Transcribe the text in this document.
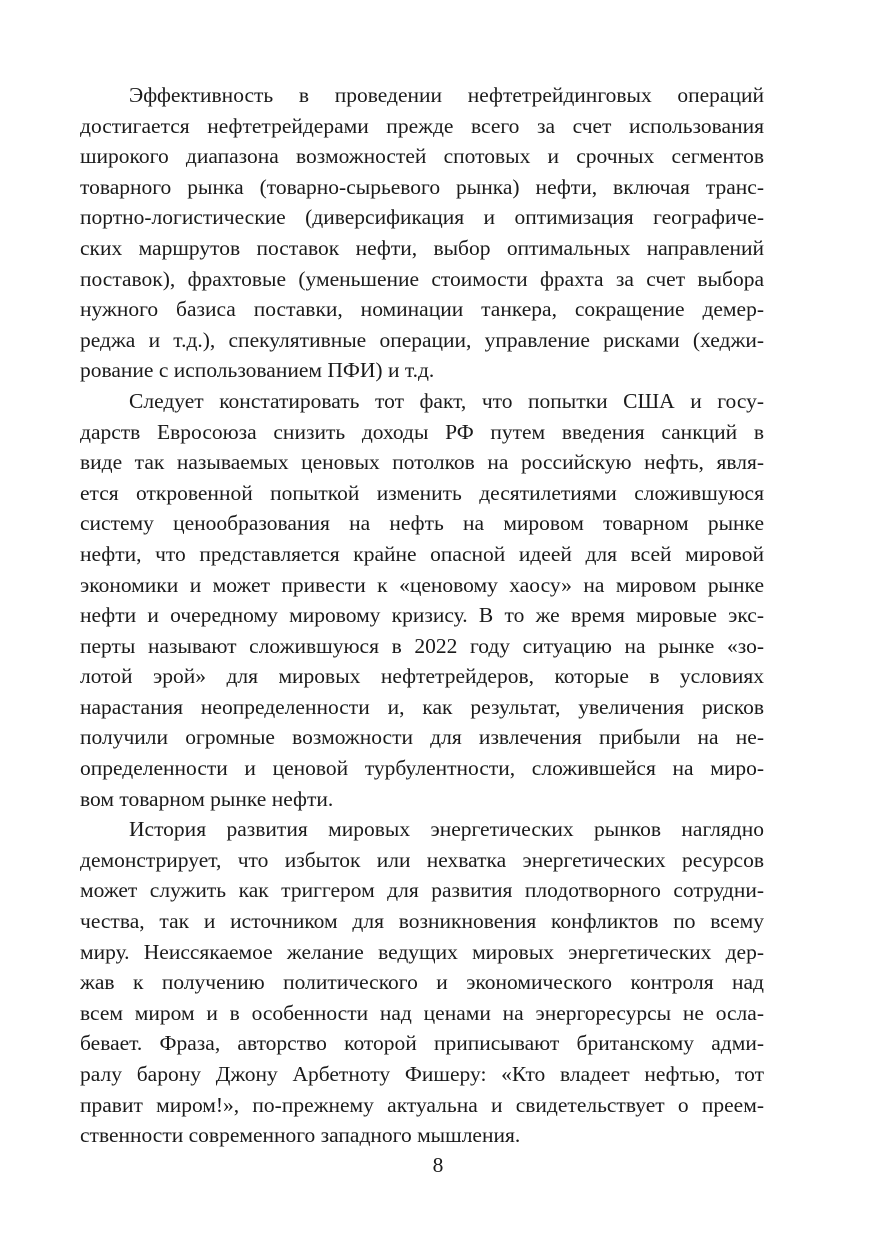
Эффективность в проведении нефтетрейдинговых операций
достигается нефтетрейдерами прежде всего за счет использования
широкого диапазона возможностей спотовых и срочных сегментов
товарного рынка (товарно-сырьевого рынка) нефти, включая транс-
портно-логистические (диверсификация и оптимизация географиче-
ских маршрутов поставок нефти, выбор оптимальных направлений
поставок), фрахтовые (уменьшение стоимости фрахта за счет выбора
нужного базиса поставки, номинации танкера, сокращение демер-
реджа и т.д.), спекулятивные операции, управление рисками (хеджи-
рование с использованием ПФИ) и т.д.
Следует констатировать тот факт, что попытки США и госу-
дарств Евросоюза снизить доходы РФ путем введения санкций в
виде так называемых ценовых потолков на российскую нефть, явля-
ется откровенной попыткой изменить десятилетиями сложившуюся
систему ценообразования на нефть на мировом товарном рынке
нефти, что представляется крайне опасной идеей для всей мировой
экономики и может привести к «ценовому хаосу» на мировом рынке
нефти и очередному мировому кризису. В то же время мировые экс-
перты называют сложившуюся в 2022 году ситуацию на рынке «зо-
лотой эрой» для мировых нефтетрейдеров, которые в условиях
нарастания неопределенности и, как результат, увеличения рисков
получили огромные возможности для извлечения прибыли на не-
определенности и ценовой турбулентности, сложившейся на миро-
вом товарном рынке нефти.
История развития мировых энергетических рынков наглядно
демонстрирует, что избыток или нехватка энергетических ресурсов
может служить как триггером для развития плодотворного сотрудни-
чества, так и источником для возникновения конфликтов по всему
миру. Неиссякаемое желание ведущих мировых энергетических дер-
жав к получению политического и экономического контроля над
всем миром и в особенности над ценами на энергоресурсы не ослa-
бевает. Фраза, авторство которой приписывают британскому адми-
ралу барону Джону Арбетноту Фишеру: «Кто владеет нефтью, тот
правит миром!», по-прежнему актуальна и свидетельствует о преем-
ственности современного западного мышления.
8
